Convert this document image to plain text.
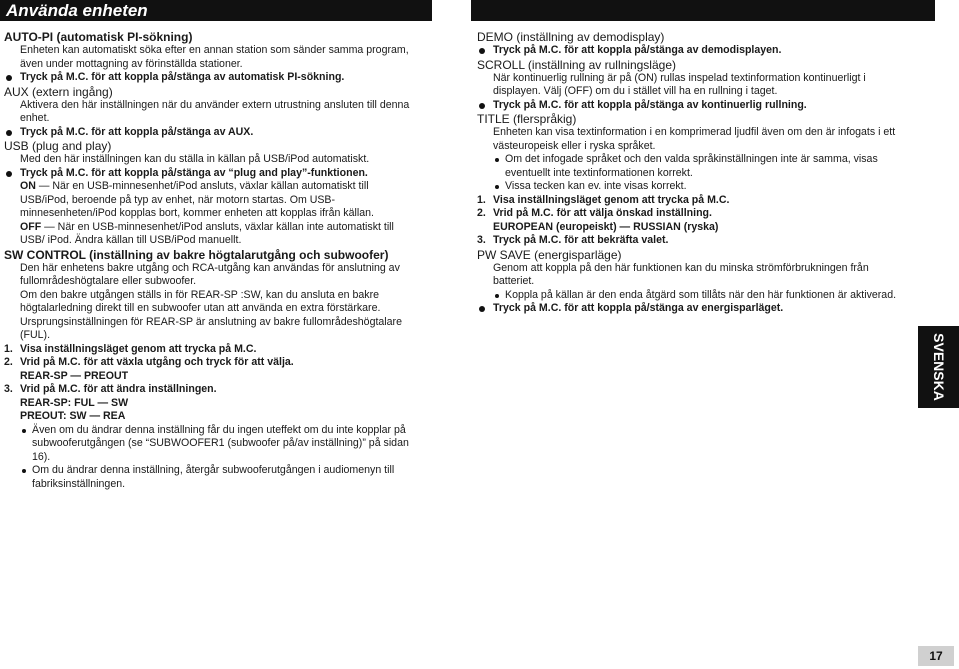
Använda enheten

AUTO-PI (automatisk PI-sökning)

Enheten kan automatiskt söka efter en annan station som sänder samma program, även under mottagning av förinställda stationer.

Tryck på M.C. för att koppla på/stänga av automatisk PI-sökning.

AUX (extern ingång)

Aktivera den här inställningen när du använder extern utrustning ansluten till denna enhet.

Tryck på M.C. för att koppla på/stänga av AUX.

USB (plug and play)

Med den här inställningen kan du ställa in källan på USB/iPod automatiskt.

Tryck på M.C. för att koppla på/stänga av “plug and play”-funktionen.

ON — När en USB-minnesenhet/iPod ansluts, växlar källan automatiskt till USB/iPod, beroende på typ av enhet, när motorn startas. Om USB-minnesenheten/iPod kopplas bort, kommer enheten att kopplas ifrån källan.

OFF — När en USB-minnesenhet/iPod ansluts, växlar källan inte automatiskt till USB/ iPod. Ändra källan till USB/iPod manuellt.

SW CONTROL (inställning av bakre högtalarutgång och subwoofer)

Den här enhetens bakre utgång och RCA-utgång kan användas för anslutning av fullområdeshögtalare eller subwoofer.

Om den bakre utgången ställs in för REAR-SP :SW, kan du ansluta en bakre högtalarledning direkt till en subwoofer utan att använda en extra förstärkare.

Ursprungsinställningen för REAR-SP är anslutning av bakre fullområdeshögtalare (FUL).

1. Visa inställningsläget genom att trycka på M.C.

2. Vrid på M.C. för att växla utgång och tryck för att välja.

REAR-SP — PREOUT

3. Vrid på M.C. för att ändra inställningen.

REAR-SP: FUL — SW

PREOUT: SW — REA

Även om du ändrar denna inställning får du ingen uteffekt om du inte kopplar på subwooferutgången (se “SUBWOOFER1 (subwoofer på/av inställning)” på sidan 16).

Om du ändrar denna inställning, återgår subwooferutgången i audiomenyn till fabriksinställningen.

DEMO (inställning av demodisplay)

Tryck på M.C. för att koppla på/stänga av demodisplayen.

SCROLL (inställning av rullningsläge)

När kontinuerlig rullning är på (ON) rullas inspelad textinformation kontinuerligt i displayen. Välj (OFF) om du i stället vill ha en rullning i taget.

Tryck på M.C. för att koppla på/stänga av kontinuerlig rullning.

TITLE (flerspråkig)

Enheten kan visa textinformation i en komprimerad ljudfil även om den är infogats i ett västeuropeisk eller i ryska språket.

Om det infogade språket och den valda språkinställningen inte är samma, visas eventuellt inte textinformationen korrekt.

Vissa tecken kan ev. inte visas korrekt.

1. Visa inställningsläget genom att trycka på M.C.

2. Vrid på M.C. för att välja önskad inställning.

EUROPEAN (europeiskt) — RUSSIAN (ryska)

3. Tryck på M.C. för att bekräfta valet.

PW SAVE (energisparläge)

Genom att koppla på den här funktionen kan du minska strömförbrukningen från batteriet.

Koppla på källan är den enda åtgärd som tillåts när den här funktionen är aktiverad.

Tryck på M.C. för att koppla på/stänga av energisparläget.

SVENSKA
17
